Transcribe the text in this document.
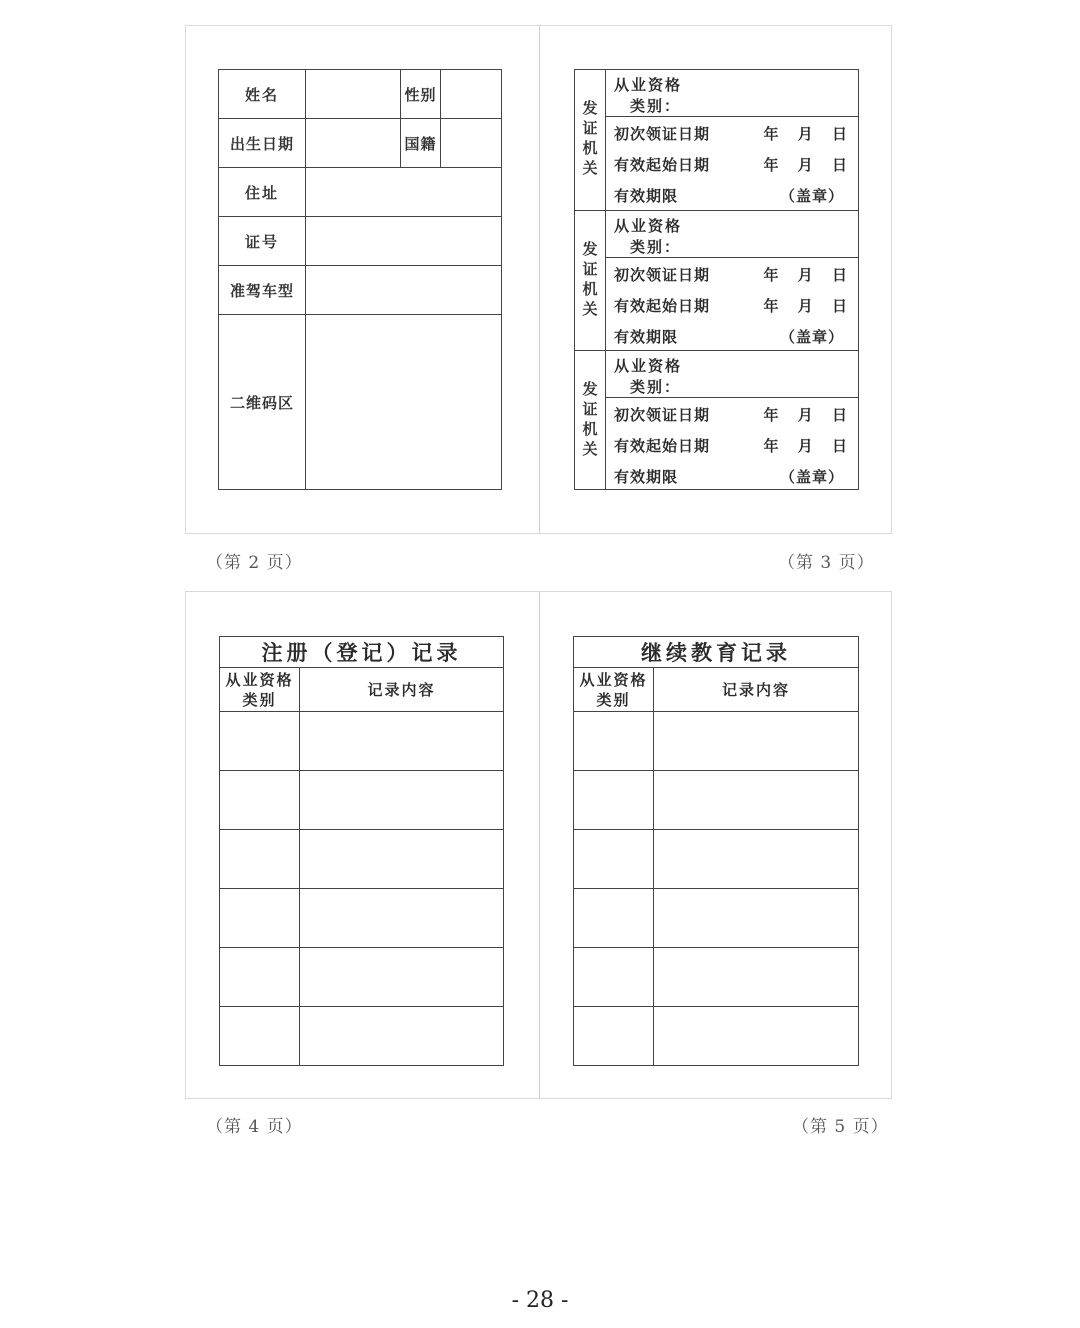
姓名		性别	
出生日期		国籍	
住址			
证号			
准驾车型			
二维码区			
发证机关
从业资格
类别：
初次领证日期	年 月 日
有效起始日期	年 月 日
有效期限	（盖章）
发证机关
从业资格
类别：
初次领证日期	年 月 日
有效起始日期	年 月 日
有效期限	（盖章）
发证机关
从业资格
类别：
初次领证日期	年 月 日
有效起始日期	年 月 日
有效期限	（盖章）
（第 2 页）	（第 3 页）
注册（登记）记录	
从业资格
类别	记录内容

继续教育记录	
从业资格
类别	记录内容

（第 4 页）	（第 5 页）
- 28 -
